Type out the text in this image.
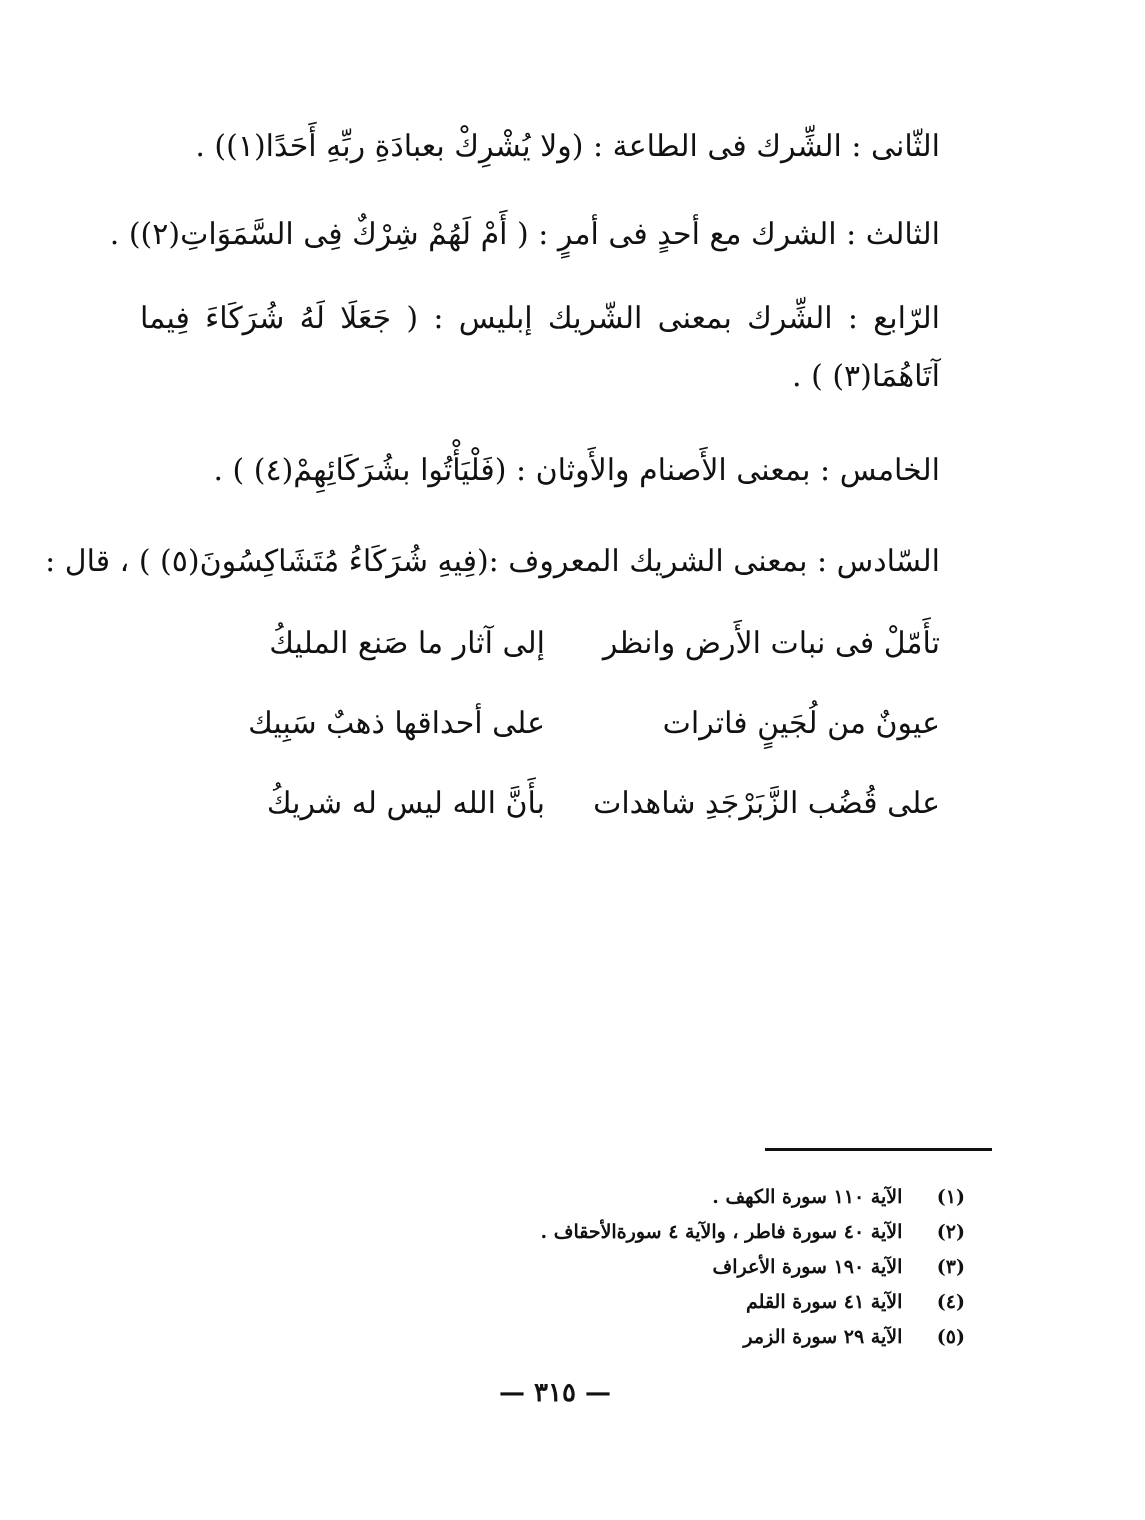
الثّانى : الشِّرك فى الطاعة : (ولا يُشْرِكْ بعبادَةِ ربِّهِ أَحَدًا(١)) .
الثالث : الشرك مع أحدٍ فى أمرٍ : ( أَمْ لَهُمْ شِرْكٌ فِى السَّمَوَاتِ(٢)) .
الرّابع : الشِّرك بمعنى الشّريك إبليس : ( جَعَلَا لَهُ شُرَكَاءَ فِيما آتَاهُمَا(٣) ) .
الخامس : بمعنى الأَصنام والأَوثان : (فَلْيَأْتُوا بشُرَكَائِهِمْ(٤) ) .
السّادس : بمعنى الشريك المعروف :(فِيهِ شُرَكَاءُ مُتَشَاكِسُونَ(٥) ) ، قال :
تأَمّلْ فى نبات الأَرض وانظر
إلى آثار ما صَنع المليكُ
عيونٌ من لُجَينٍ فاترات
على أحداقها ذهبٌ سَبِيك
على قُضُب الزَّبَرْجَدِ شاهدات
بأَنَّ الله ليس له شريكُ
(١) الآية ١١٠ سورة الكهف .
(٢) الآية ٤٠ سورة فاطر ، والآية ٤ سورةالأحقاف .
(٣) الآية ١٩٠ سورة الأعراف
(٤) الآية ٤١ سورة القلم
(٥) الآية ٢٩ سورة الزمر
— ٣١٥ —
